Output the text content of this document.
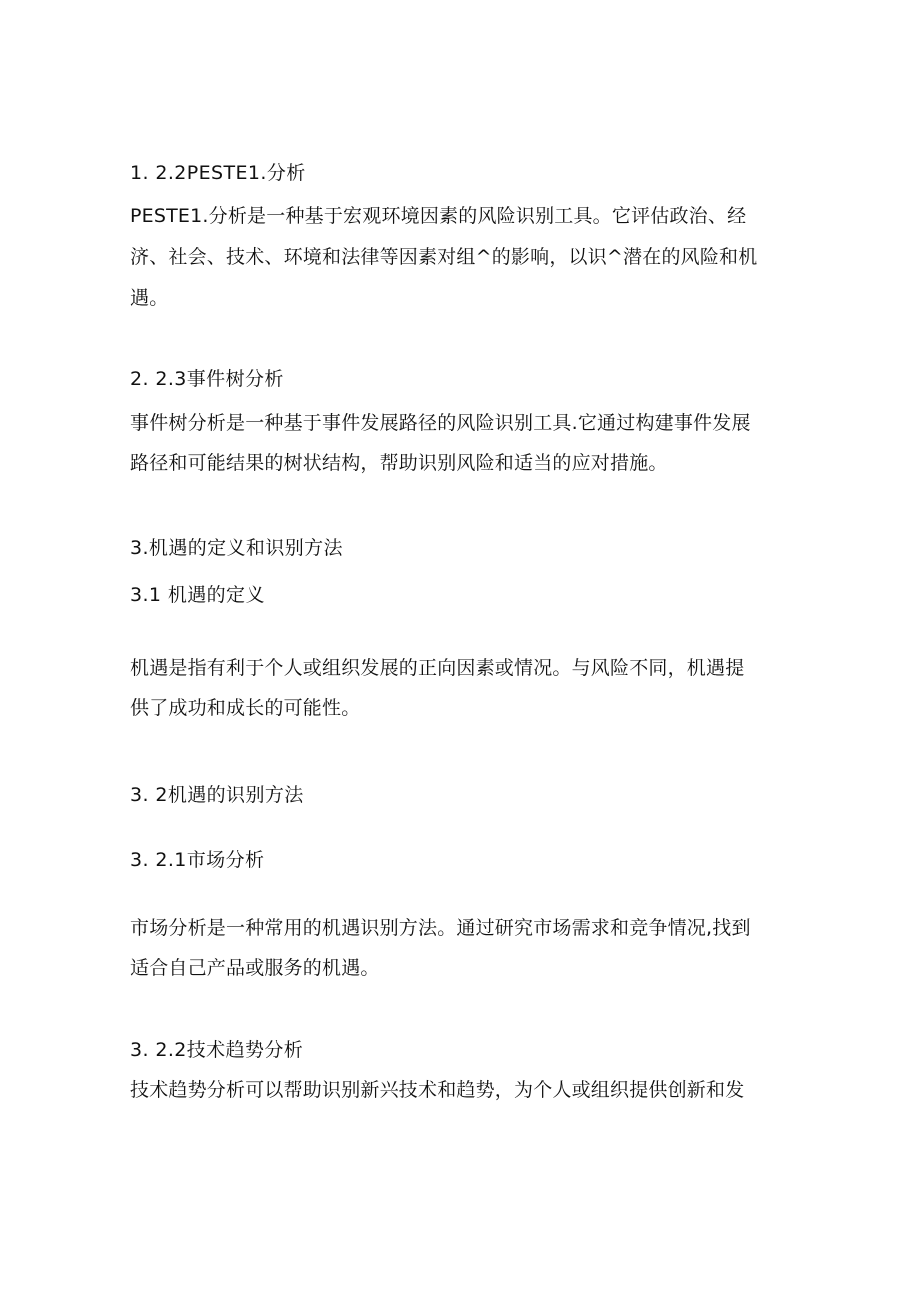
1. 2.2PESTE1.分析
PESTE1.分析是一种基于宏观环境因素的风险识别工具。它评估政治、经
济、社会、技术、环境和法律等因素对组^的影响，以识^潜在的风险和机
遇。
2. 2.3事件树分析
事件树分析是一种基于事件发展路径的风险识别工具.它通过构建事件发展
路径和可能结果的树状结构，帮助识别风险和适当的应对措施。
3.机遇的定义和识别方法
3.1 机遇的定义
机遇是指有利于个人或组织发展的正向因素或情况。与风险不同，机遇提
供了成功和成长的可能性。
3. 2机遇的识别方法
3. 2.1市场分析
市场分析是一种常用的机遇识别方法。通过研究市场需求和竞争情况,找到
适合自己产品或服务的机遇。
3. 2.2技术趋势分析
技术趋势分析可以帮助识别新兴技术和趋势，为个人或组织提供创新和发
